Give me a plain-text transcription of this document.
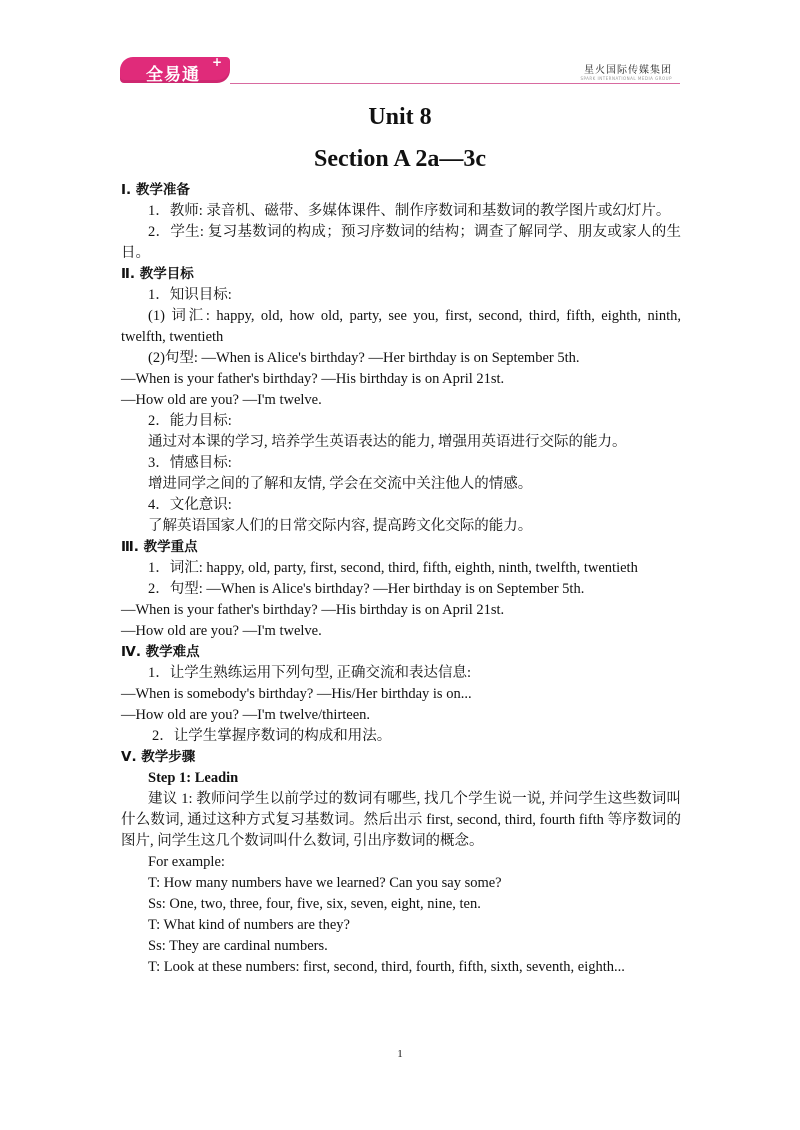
全易通
+
星火国际传媒集团
SPARK INTERNATIONAL MEDIA GROUP
Unit 8
Section A 2a—3c

Ⅰ. 教学准备

1．教师: 录音机、磁带、多媒体课件、制作序数词和基数词的教学图片或幻灯片。

2．学生: 复习基数词的构成；预习序数词的结构；调查了解同学、朋友或家人的生日。

Ⅱ. 教学目标

1．知识目标:

(1) 词汇: happy, old, how old, party, see you, first, second, third, fifth, eighth, ninth, twelfth, twentieth

(2)句型: —When is Alice's birthday? —Her birthday is on September 5th.

—When is your father's birthday? —His birthday is on April 21st.

—How old are you? —I'm twelve.

2．能力目标:

通过对本课的学习, 培养学生英语表达的能力, 增强用英语进行交际的能力。

3．情感目标:

增进同学之间的了解和友情, 学会在交流中关注他人的情感。

4．文化意识:

了解英语国家人们的日常交际内容, 提高跨文化交际的能力。

Ⅲ. 教学重点

1．词汇: happy, old, party, first, second, third, fifth, eighth, ninth, twelfth, twentieth

2．句型: —When is Alice's birthday? —Her birthday is on September 5th.

—When is your father's birthday? —His birthday is on April 21st.

—How old are you? —I'm twelve.

Ⅳ. 教学难点

1．让学生熟练运用下列句型, 正确交流和表达信息:

—When is somebody's birthday? —His/Her birthday is on...

—How old are you? —I'm twelve/thirteen.

2．让学生掌握序数词的构成和用法。

Ⅴ. 教学步骤

Step 1: Leadin

建议 1: 教师问学生以前学过的数词有哪些, 找几个学生说一说, 并问学生这些数词叫什么数词, 通过这种方式复习基数词。然后出示 first, second, third, fourth fifth 等序数词的图片, 问学生这几个数词叫什么数词, 引出序数词的概念。

For example:

T: How many numbers have we learned? Can you say some?

Ss: One, two, three, four, five, six, seven, eight, nine, ten.

T: What kind of numbers are they?

Ss: They are cardinal numbers.

T: Look at these numbers: first, second, third, fourth, fifth, sixth, seventh, eighth...

1
